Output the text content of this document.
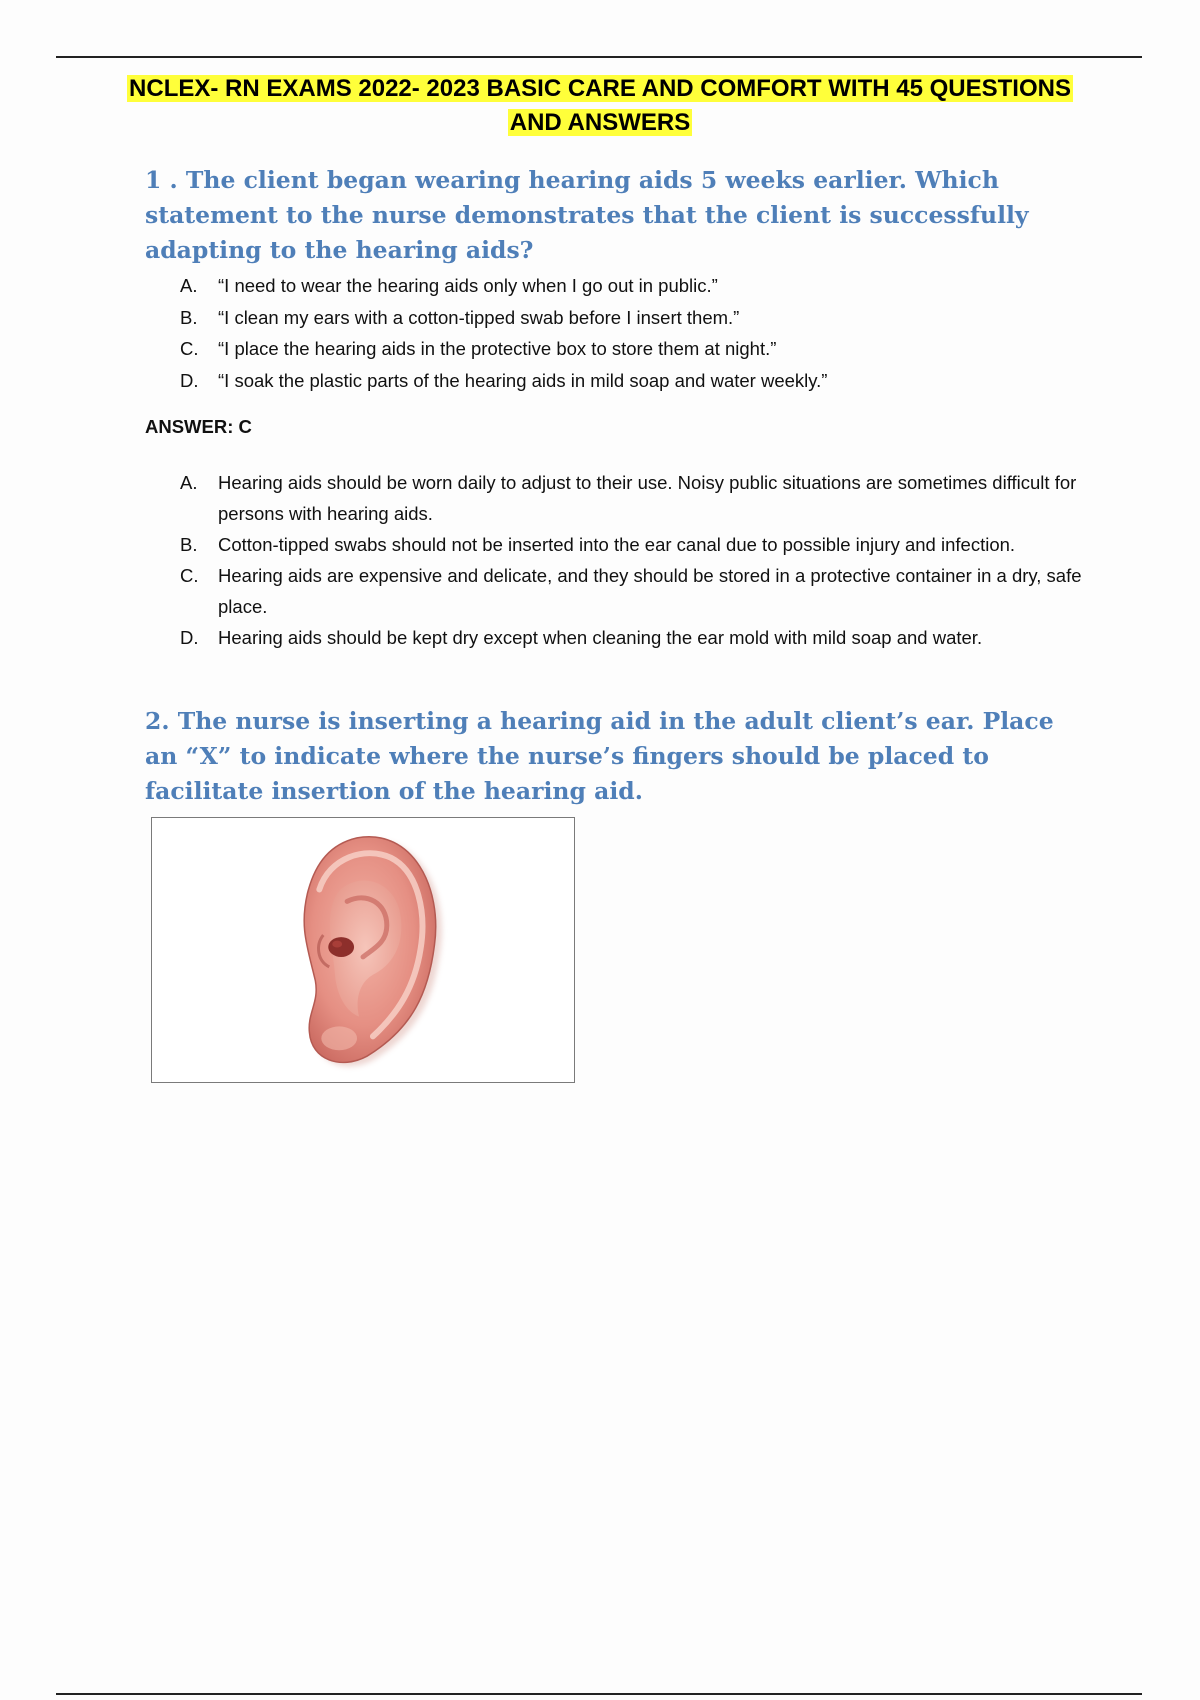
NCLEX- RN EXAMS 2022- 2023 BASIC CARE AND COMFORT WITH 45 QUESTIONS
AND ANSWERS

1 . The client began wearing hearing aids 5 weeks earlier. Which statement to the nurse demonstrates that the client is successfully adapting to the hearing aids?

A.	“I need to wear the hearing aids only when I go out in public.”
B.	“I clean my ears with a cotton-tipped swab before I insert them.”
C.	“I place the hearing aids in the protective box to store them at night.”
D.	“I soak the plastic parts of the hearing aids in mild soap and water weekly.”
ANSWER: C
A.	Hearing aids should be worn daily to adjust to their use. Noisy public situations are sometimes difficult for persons with hearing aids.
B.	Cotton-tipped swabs should not be inserted into the ear canal due to possible injury and infection.
C.	Hearing aids are expensive and delicate, and they should be stored in a protective container in a dry, safe place.
D.	Hearing aids should be kept dry except when cleaning the ear mold with mild soap and water.

2. The nurse is inserting a hearing aid in the adult client’s ear. Place an “X” to indicate where the nurse’s fingers should be placed to facilitate insertion of the hearing aid.
